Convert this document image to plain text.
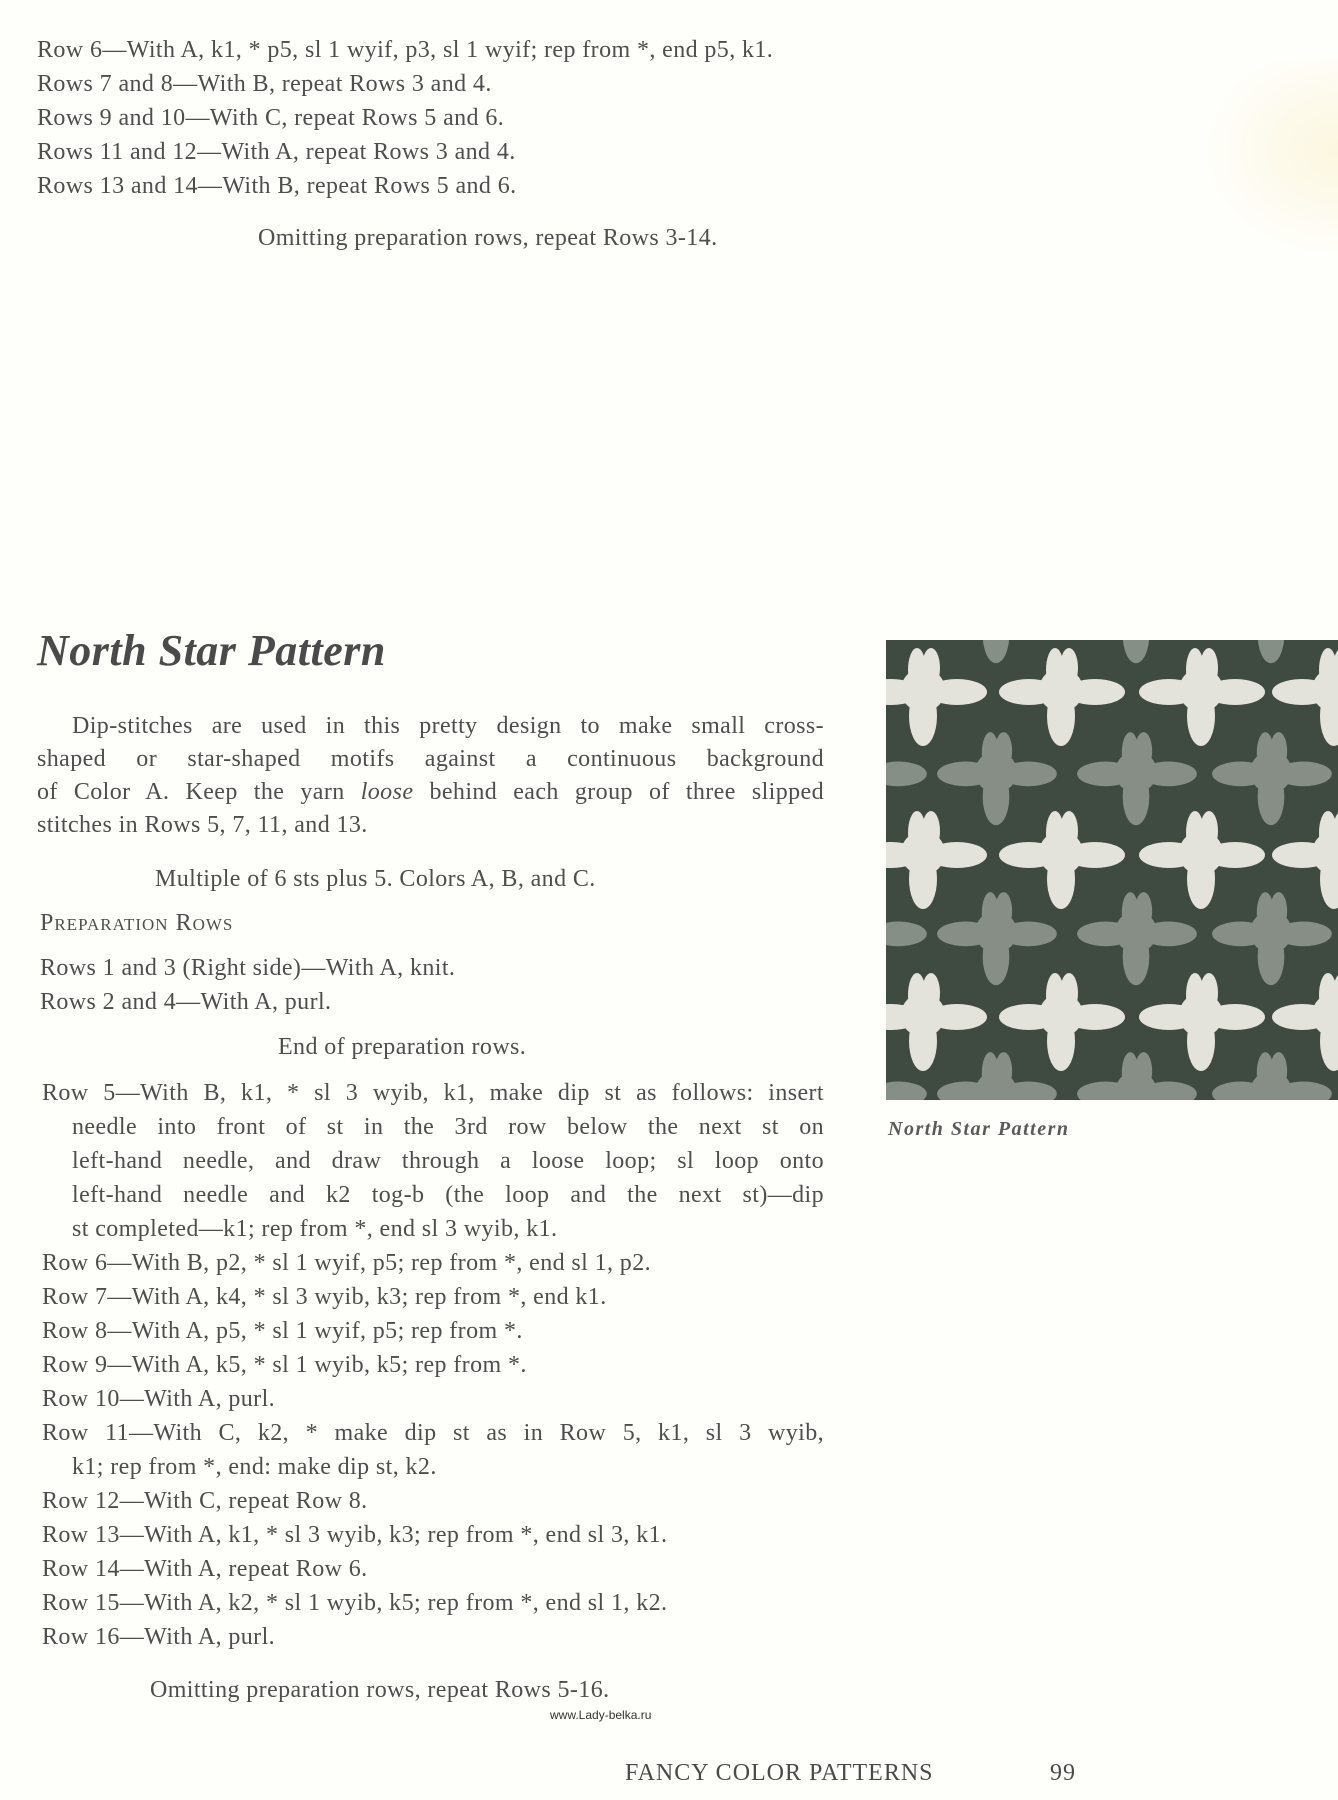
Row 6—With A, k1, * p5, sl 1 wyif, p3, sl 1 wyif; rep from *, end p5, k1.
Rows 7 and 8—With B, repeat Rows 3 and 4.
Rows 9 and 10—With C, repeat Rows 5 and 6.
Rows 11 and 12—With A, repeat Rows 3 and 4.
Rows 13 and 14—With B, repeat Rows 5 and 6.
Omitting preparation rows, repeat Rows 3-14.
North Star Pattern
Dip-stitches are used in this pretty design to make small cross-
shaped or star-shaped motifs against a continuous background
of Color A. Keep the yarn loose behind each group of three slipped
stitches in Rows 5, 7, 11, and 13.
Multiple of 6 sts plus 5. Colors A, B, and C.
Preparation Rows
Rows 1 and 3 (Right side)—With A, knit.
Rows 2 and 4—With A, purl.
End of preparation rows.
Row 5—With B, k1, * sl 3 wyib, k1, make dip st as follows: insert
needle into front of st in the 3rd row below the next st on
left-hand needle, and draw through a loose loop; sl loop onto
left-hand needle and k2 tog-b (the loop and the next st)—dip
st completed—k1; rep from *, end sl 3 wyib, k1.
Row 6—With B, p2, * sl 1 wyif, p5; rep from *, end sl 1, p2.
Row 7—With A, k4, * sl 3 wyib, k3; rep from *, end k1.
Row 8—With A, p5, * sl 1 wyif, p5; rep from *.
Row 9—With A, k5, * sl 1 wyib, k5; rep from *.
Row 10—With A, purl.
Row 11—With C, k2, * make dip st as in Row 5, k1, sl 3 wyib,
k1; rep from *, end: make dip st, k2.
Row 12—With C, repeat Row 8.
Row 13—With A, k1, * sl 3 wyib, k3; rep from *, end sl 3, k1.
Row 14—With A, repeat Row 6.
Row 15—With A, k2, * sl 1 wyib, k5; rep from *, end sl 1, k2.
Row 16—With A, purl.
Omitting preparation rows, repeat Rows 5-16.
North Star Pattern
www.Lady-belka.ru
FANCY COLOR PATTERNS	99
